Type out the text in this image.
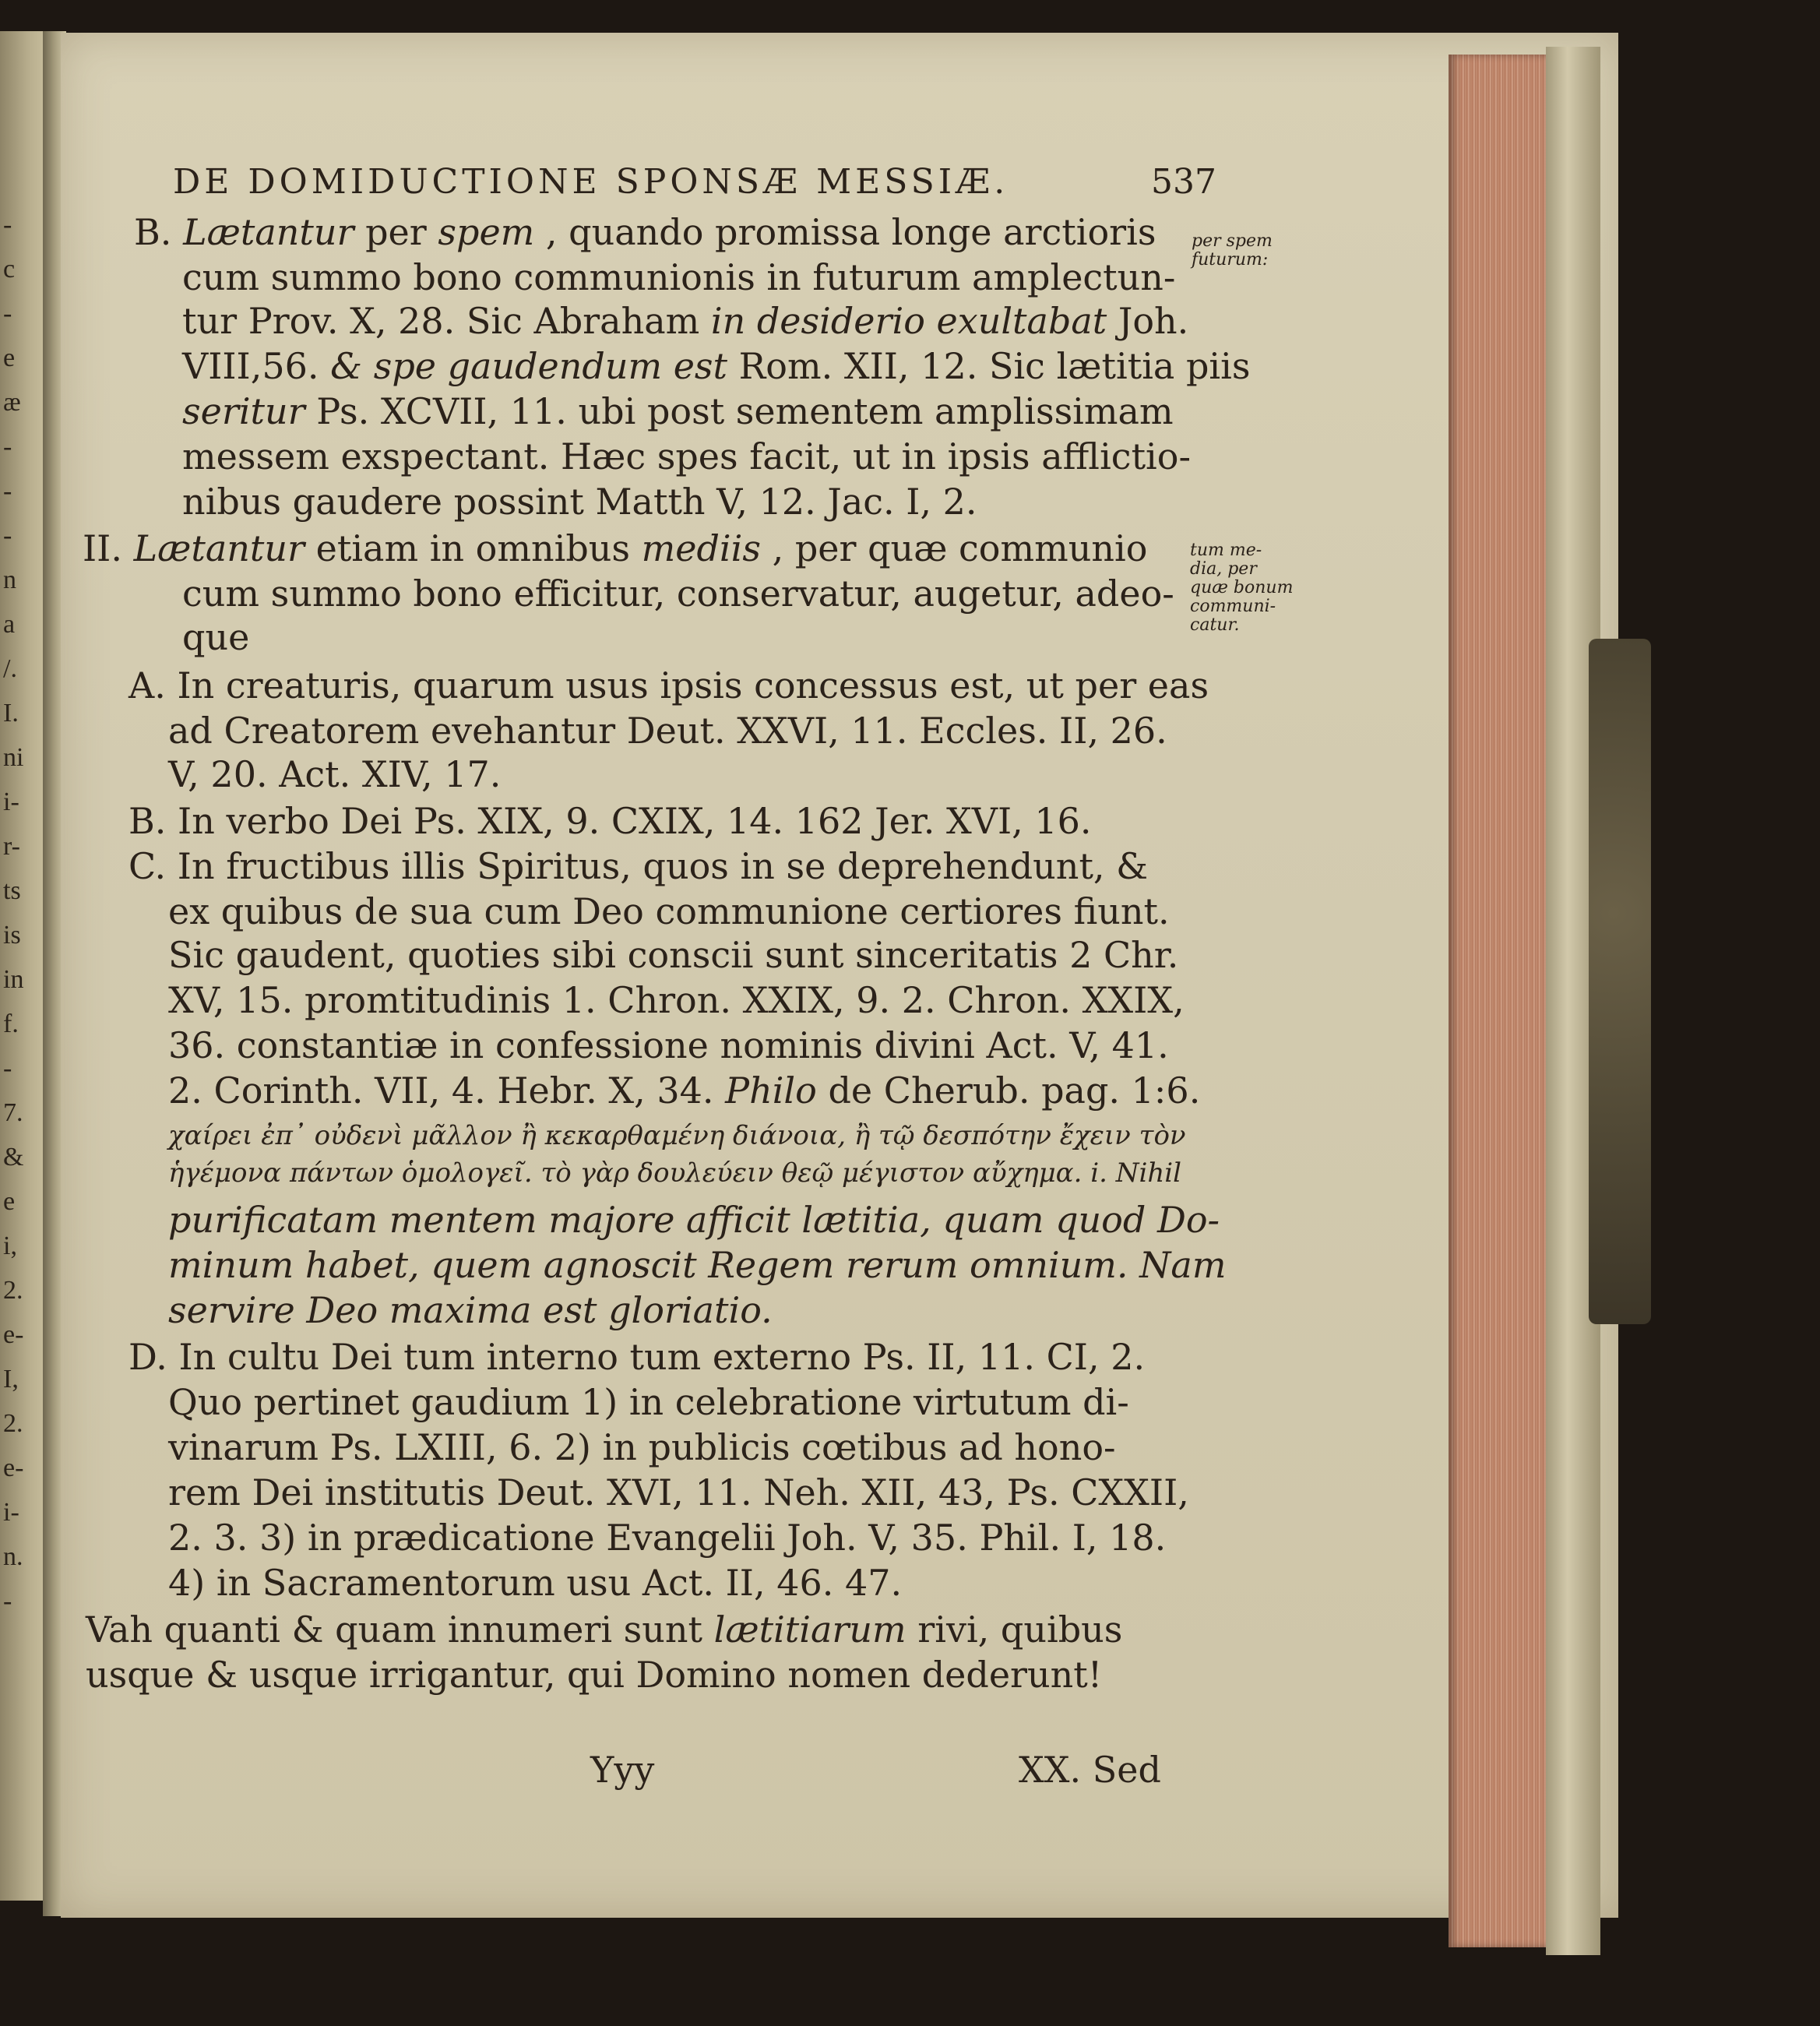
-
c
-
e
æ
-
-
-
n
a
/.
I.
ni
i-
r-
ts
is
in
f.
-
7.
&
e
i,
2.
e-
I,
2.
e-
i-
n.
-
DE DOMIDUCTIONE SPONSÆ MESSIÆ.	537
per spem
futurum:
tum me-
dia, per
quæ bonum
communi-
catur.
B. Lætantur per spem , quando promissa longe arctioris
cum summo bono communionis in futurum amplectun-
tur Prov. X, 28. Sic Abraham in desiderio exultabat Joh.
VIII,56. & spe gaudendum est Rom. XII, 12. Sic lætitia piis
seritur Ps. XCVII, 11. ubi post sementem amplissimam
messem exspectant. Hæc spes facit, ut in ipsis afflictio-
nibus gaudere possint Matth V, 12. Jac. I, 2.
II. Lætantur etiam in omnibus mediis , per quæ communio
cum summo bono efficitur, conservatur, augetur, adeo-
que
A. In creaturis, quarum usus ipsis concessus est, ut per eas
ad Creatorem evehantur Deut. XXVI, 11. Eccles. II, 26.
V, 20. Act. XIV, 17.
B. In verbo Dei Ps. XIX, 9. CXIX, 14. 162 Jer. XVI, 16.
C. In fructibus illis Spiritus, quos in se deprehendunt, &
ex quibus de sua cum Deo communione certiores fiunt.
Sic gaudent, quoties sibi conscii sunt sinceritatis 2 Chr.
XV, 15. promtitudinis 1. Chron. XXIX, 9. 2. Chron. XXIX,
36. constantiæ in confessione nominis divini Act. V, 41.
2. Corinth. VII, 4. Hebr. X, 34. Philo de Cherub. pag. 1:6.
χαίρει ἐπ᾽ οὐδενὶ μᾶλλον ἢ κεκαρθαμένη διάνοια, ἢ τῷ δεσπότην ἔχειν τὸν
ἡγέμονα πάντων ὁμολογεῖ. τὸ γὰρ δουλεύειν θεῷ μέγιστον αὔχημα. i. Nihil
purificatam mentem majore afficit lætitia, quam quod Do-
minum habet, quem agnoscit Regem rerum omnium. Nam
servire Deo maxima est gloriatio.
D. In cultu Dei tum interno tum externo Ps. II, 11. CI, 2.
Quo pertinet gaudium 1) in celebratione virtutum di-
vinarum Ps. LXIII, 6. 2) in publicis cœtibus ad hono-
rem Dei institutis Deut. XVI, 11. Neh. XII, 43, Ps. CXXII,
2. 3. 3) in prædicatione Evangelii Joh. V, 35. Phil. I, 18.
4) in Sacramentorum usu Act. II, 46. 47.
Vah quanti & quam innumeri sunt lætitiarum rivi, quibus
usque & usque irrigantur, qui Domino nomen dederunt!
Yyy	XX. Sed
